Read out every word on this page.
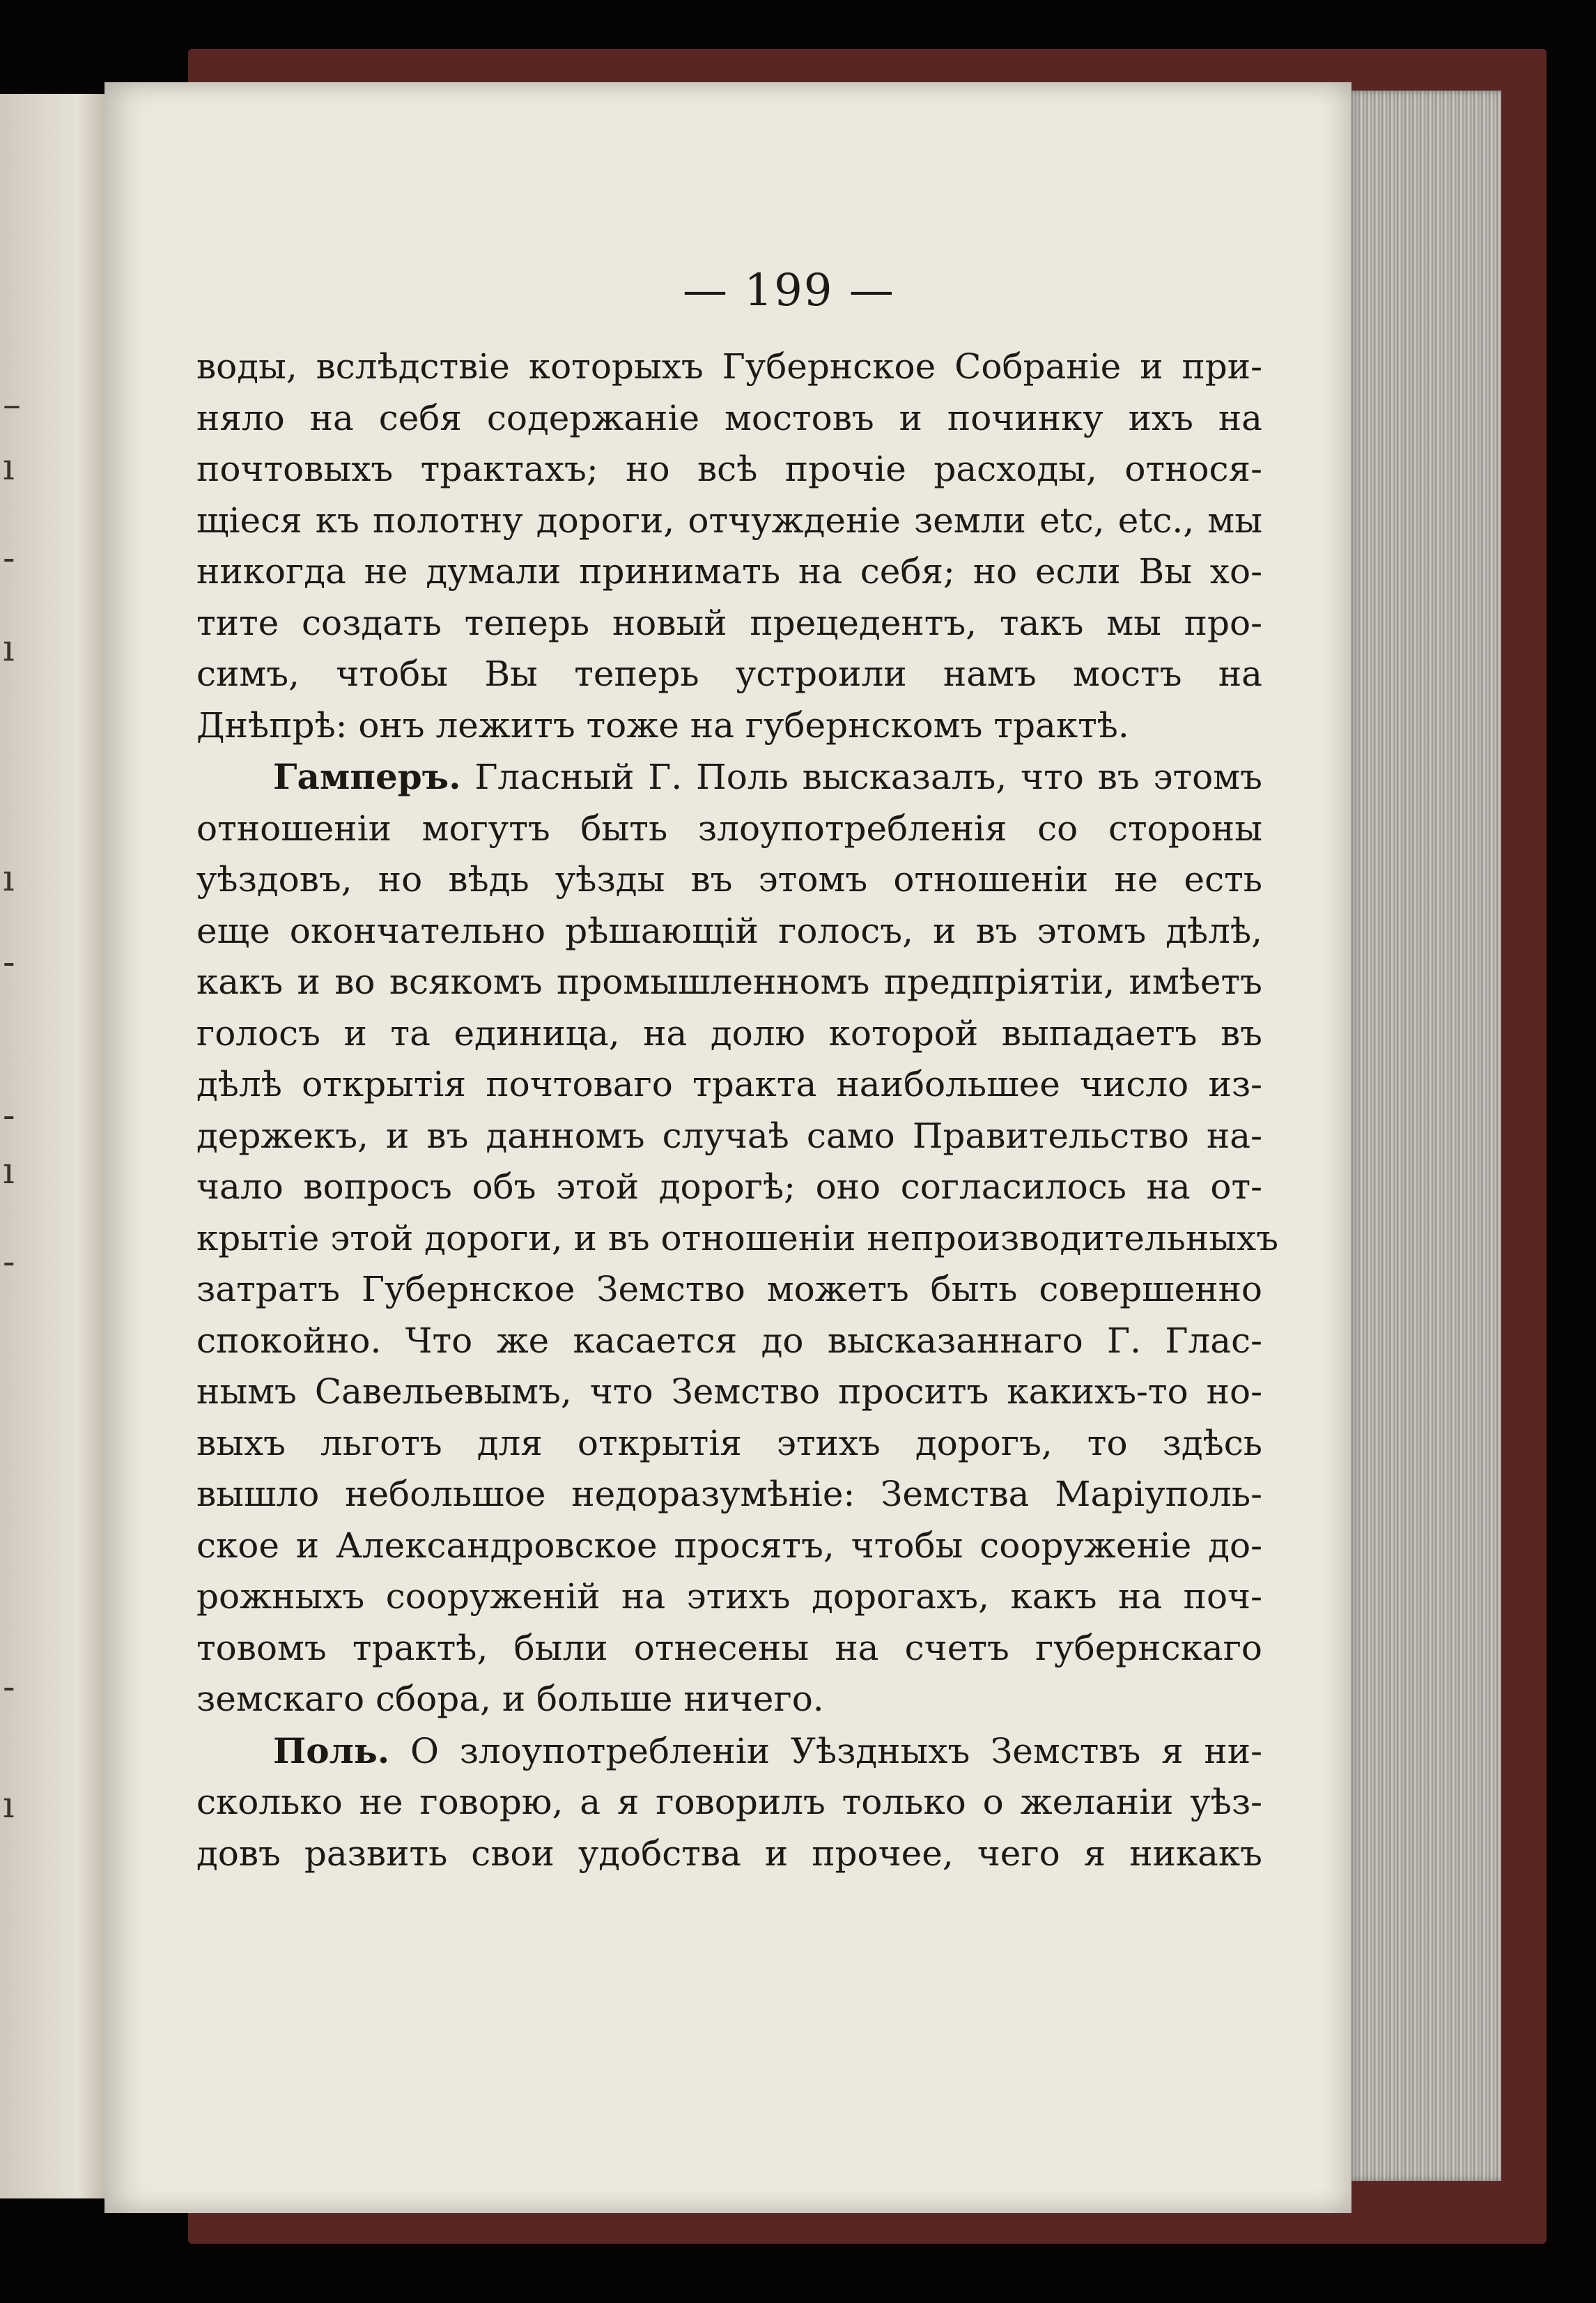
–
ı
-
ı
ı
-
-
ı
-
-
ı
— 199 —

воды, вслѣдствіе которыхъ Губернское Собраніе и при-
няло на себя содержаніе мостовъ и починку ихъ на
почтовыхъ трактахъ; но всѣ прочіе расходы, относя-
щіеся къ полотну дороги, отчужденіе земли etc, etc., мы
никогда не думали принимать на себя; но если Вы хо-
тите создать теперь новый прецедентъ, такъ мы про-
симъ, чтобы Вы теперь устроили намъ мостъ на
Днѣпрѣ: онъ лежитъ тоже на губернскомъ трактѣ.

Гамперъ. Гласный Г. Поль высказалъ, что въ этомъ
отношеніи могутъ быть злоупотребленія со стороны
уѣздовъ, но вѣдь уѣзды въ этомъ отношеніи не есть
еще окончательно рѣшающій голосъ, и въ этомъ дѣлѣ,
какъ и во всякомъ промышленномъ предпріятіи, имѣетъ
голосъ и та единица, на долю которой выпадаетъ въ
дѣлѣ открытія почтоваго тракта наибольшее число из-
держекъ, и въ данномъ случаѣ само Правительство на-
чало вопросъ объ этой дорогѣ; оно согласилось на от-
крытіе этой дороги, и въ отношеніи непроизводительныхъ
затратъ Губернское Земство можетъ быть совершенно
спокойно. Что же касается до высказаннаго Г. Глас-
нымъ Савельевымъ, что Земство проситъ какихъ-то но-
выхъ льготъ для открытія этихъ дорогъ, то здѣсь
вышло небольшое недоразумѣніе: Земства Маріуполь-
ское и Александровское просятъ, чтобы сооруженіе до-
рожныхъ сооруженій на этихъ дорогахъ, какъ на поч-
товомъ трактѣ, были отнесены на счетъ губернскаго
земскаго сбора, и больше ничего.

Поль. О злоупотребленіи Уѣздныхъ Земствъ я ни-
сколько не говорю, а я говорилъ только о желаніи уѣз-
довъ развить свои удобства и прочее, чего я никакъ
